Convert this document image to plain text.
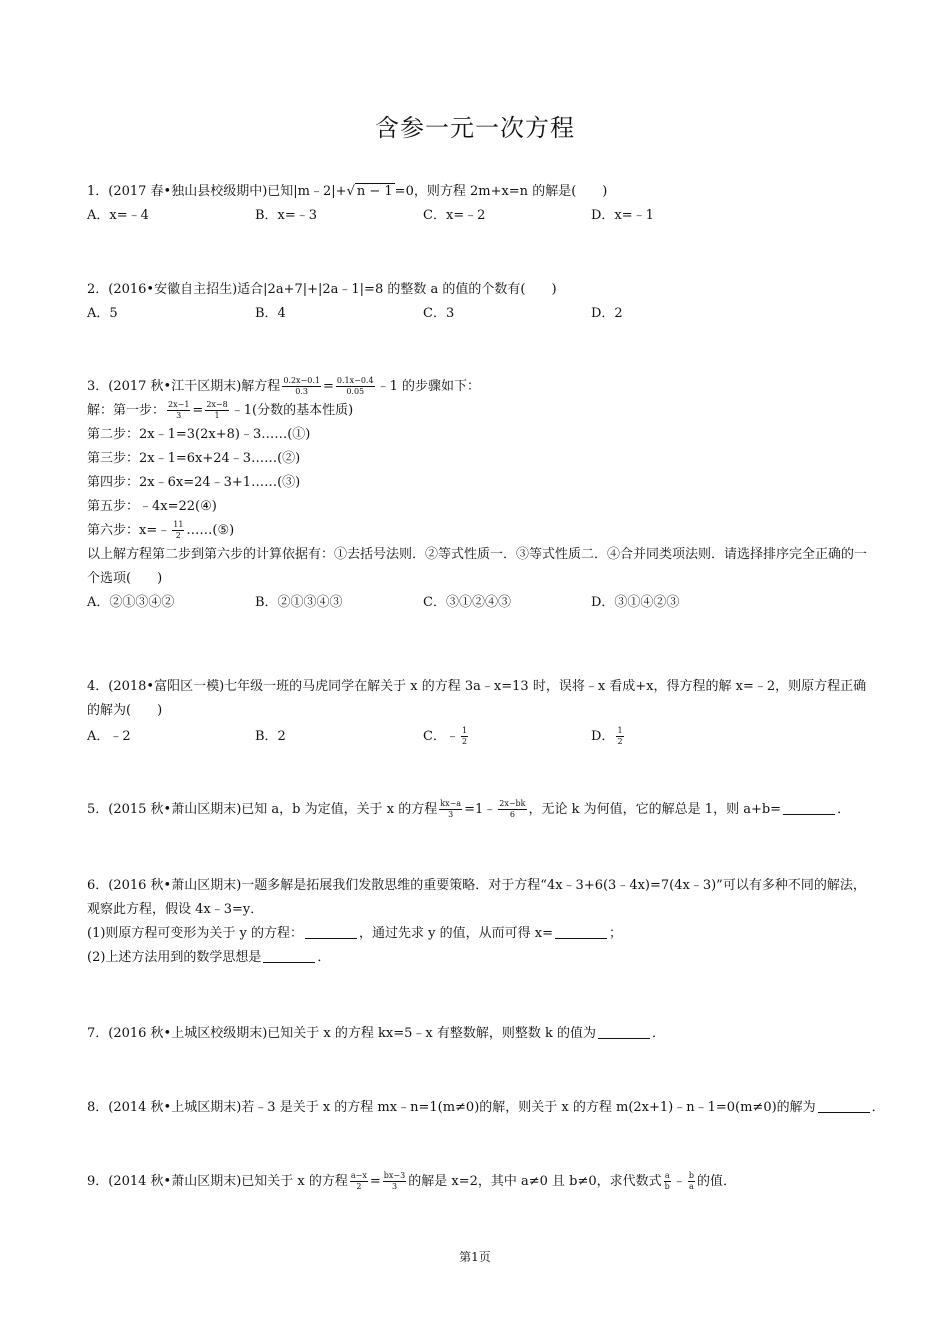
含参一元一次方程
1．(2017 春•独山县校级期中)已知|m﹣2|+√ n − 1 =0，则方程 2m+x=n 的解是(　　)
A．x=﹣4	B．x=﹣3	C．x=﹣2	D．x=﹣1
2．(2016•安徽自主招生)适合|2a+7|+|2a﹣1|=8 的整数 a 的值的个数有(　　)
A．5	B．4	C．3	D．2
3．(2017 秋•江干区期末)解方程 $\frac{0.2x-0.1}{0.3} = \frac{0.1x-0.4}{0.05}$ ﹣1 的步骤如下：
解：第一步： $\frac{2x-1}{3} = \frac{2x-8}{1}$ ﹣1(分数的基本性质)
第二步：2x﹣1=3(2x+8)﹣3……(①)
第三步：2x﹣1=6x+24﹣3……(②)
第四步：2x﹣6x=24﹣3+1……(③)
第五步：﹣4x=22(④)
第六步：x=﹣ $\frac{11}{2}$ ……(⑤)
以上解方程第二步到第六步的计算依据有：①去括号法则．②等式性质一．③等式性质二．④合并同类项法则．请选择排序完全正确的一个选项(　　)
A．②①③④②	B．②①③④③	C．③①②④③	D．③①④②③
4．(2018•富阳区一模)七年级一班的马虎同学在解关于 x 的方程 3a﹣x=13 时，误将﹣x 看成+x，得方程的解 x=﹣2，则原方程正确的解为(　　)
A．﹣2	B．2	C．﹣ $\frac{1}{2}$	D． $\frac{1}{2}$
5．(2015 秋•萧山区期末)已知 a，b 为定值，关于 x 的方程 $\frac{kx-a}{3}$ =1﹣ $\frac{2x-bk}{6}$ ，无论 k 为何值，它的解总是 1，则 a+b=	．
6．(2016 秋•萧山区期末)一题多解是拓展我们发散思维的重要策略．对于方程“4x﹣3+6(3﹣4x)=7(4x﹣3)”可以有多种不同的解法，观察此方程，假设 4x﹣3=y．
(1)则原方程可变形为关于 y 的方程：	，通过先求 y 的值，从而可得 x=	；
(2)上述方法用到的数学思想是	．
7．(2016 秋•上城区校级期末)已知关于 x 的方程 kx=5﹣x 有整数解，则整数 k 的值为	．
8．(2014 秋•上城区期末)若﹣3 是关于 x 的方程 mx﹣n=1(m≠0)的解，则关于 x 的方程 m(2x+1)﹣n﹣1=0(m≠0)的解为	．
9．(2014 秋•萧山区期末)已知关于 x 的方程 $\frac{a-x}{2} = \frac{bx-3}{3}$ 的解是 x=2，其中 a≠0 且 b≠0，求代数式 $\frac{a}{b}$ ﹣ $\frac{b}{a}$ 的值．
第1页
